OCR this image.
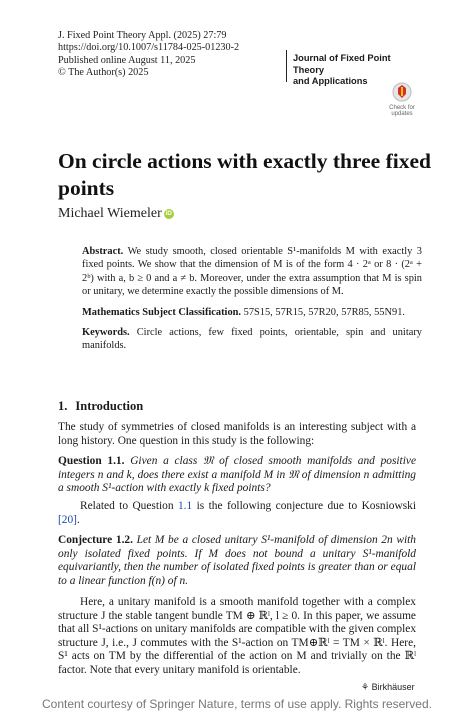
J. Fixed Point Theory Appl. (2025) 27:79
https://doi.org/10.1007/s11784-025-01230-2
Published online August 11, 2025
© The Author(s) 2025
Journal of Fixed Point Theory
and Applications
Check for
updates
On circle actions with exactly three fixed points
Michael Wiemeler iD
Abstract. We study smooth, closed orientable S¹-manifolds M with exactly 3 fixed points. We show that the dimension of M is of the form 4 · 2ᵃ or 8 · (2ᵃ + 2ᵇ) with a, b ≥ 0 and a ≠ b. Moreover, under the extra assumption that M is spin or unitary, we determine exactly the possible dimensions of M.
Mathematics Subject Classification. 57S15, 57R15, 57R20, 57R85, 55N91.
Keywords. Circle actions, few fixed points, orientable, spin and unitary manifolds.
1. Introduction
The study of symmetries of closed manifolds is an interesting subject with a long history. One question in this study is the following:
Question 1.1. Given a class 𝔐 of closed smooth manifolds and positive integers n and k, does there exist a manifold M in 𝔐 of dimension n admitting a smooth S¹-action with exactly k fixed points?
Related to Question 1.1 is the following conjecture due to Kosniowski [20].
Conjecture 1.2. Let M be a closed unitary S¹-manifold of dimension 2n with only isolated fixed points. If M does not bound a unitary S¹-manifold equivariantly, then the number of isolated fixed points is greater than or equal to a linear function f(n) of n.
Here, a unitary manifold is a smooth manifold together with a complex structure J the stable tangent bundle TM ⊕ ℝˡ, l ≥ 0. In this paper, we assume that all S¹-actions on unitary manifolds are compatible with the given complex structure J, i.e., J commutes with the S¹-action on TM⊕ℝˡ = TM × ℝˡ. Here, S¹ acts on TM by the differential of the action on M and trivially on the ℝˡ factor. Note that every unitary manifold is orientable.
⚘ Birkhäuser
Content courtesy of Springer Nature, terms of use apply. Rights reserved.
